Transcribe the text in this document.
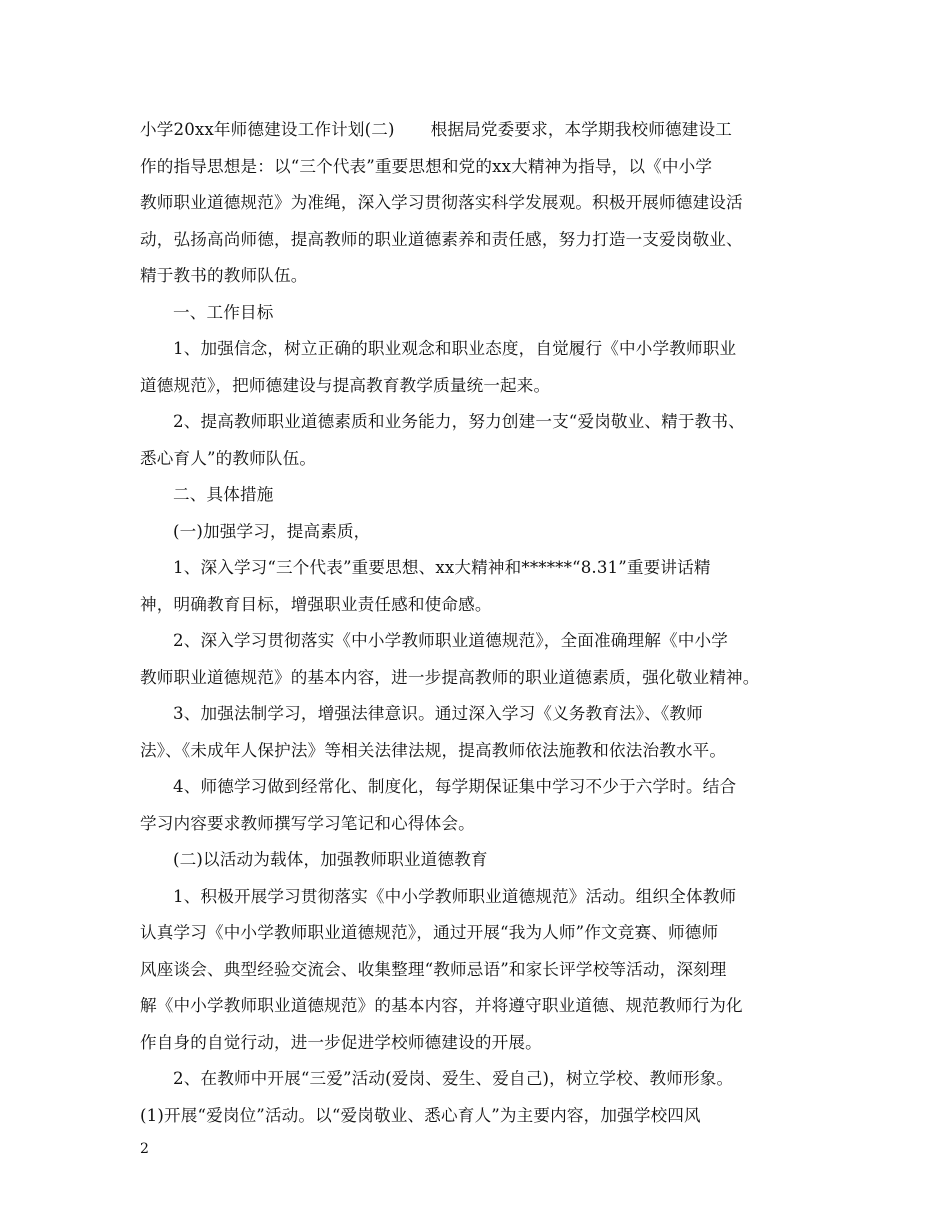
小学20xx年师德建设工作计划(二) 根据局党委要求，本学期我校师德建设工
作的指导思想是：以“三个代表”重要思想和党的xx大精神为指导，以《中小学
教师职业道德规范》为准绳，深入学习贯彻落实科学发展观。积极开展师德建设活
动，弘扬高尚师德，提高教师的职业道德素养和责任感，努力打造一支爱岗敬业、
精于教书的教师队伍。
一、工作目标
1、加强信念，树立正确的职业观念和职业态度，自觉履行《中小学教师职业
道德规范》，把师德建设与提高教育教学质量统一起来。
2、提高教师职业道德素质和业务能力，努力创建一支“爱岗敬业、精于教书、
悉心育人”的教师队伍。
二、具体措施
(一)加强学习，提高素质，
1、深入学习“三个代表”重要思想、xx大精神和******“8.31”重要讲话精
神，明确教育目标，增强职业责任感和使命感。
2、深入学习贯彻落实《中小学教师职业道德规范》，全面准确理解《中小学
教师职业道德规范》的基本内容，进一步提高教师的职业道德素质，强化敬业精神。
3、加强法制学习，增强法律意识。通过深入学习《义务教育法》、《教师
法》、《未成年人保护法》等相关法律法规，提高教师依法施教和依法治教水平。
4、师德学习做到经常化、制度化，每学期保证集中学习不少于六学时。结合
学习内容要求教师撰写学习笔记和心得体会。
(二)以活动为载体，加强教师职业道德教育
1、积极开展学习贯彻落实《中小学教师职业道德规范》活动。组织全体教师
认真学习《中小学教师职业道德规范》，通过开展“我为人师”作文竞赛、师德师
风座谈会、典型经验交流会、收集整理“教师忌语”和家长评学校等活动，深刻理
解《中小学教师职业道德规范》的基本内容，并将遵守职业道德、规范教师行为化
作自身的自觉行动，进一步促进学校师德建设的开展。
2、在教师中开展“三爱”活动(爱岗、爱生、爱自己)，树立学校、教师形象。
(1)开展“爱岗位”活动。以“爱岗敬业、悉心育人”为主要内容，加强学校四风
2
